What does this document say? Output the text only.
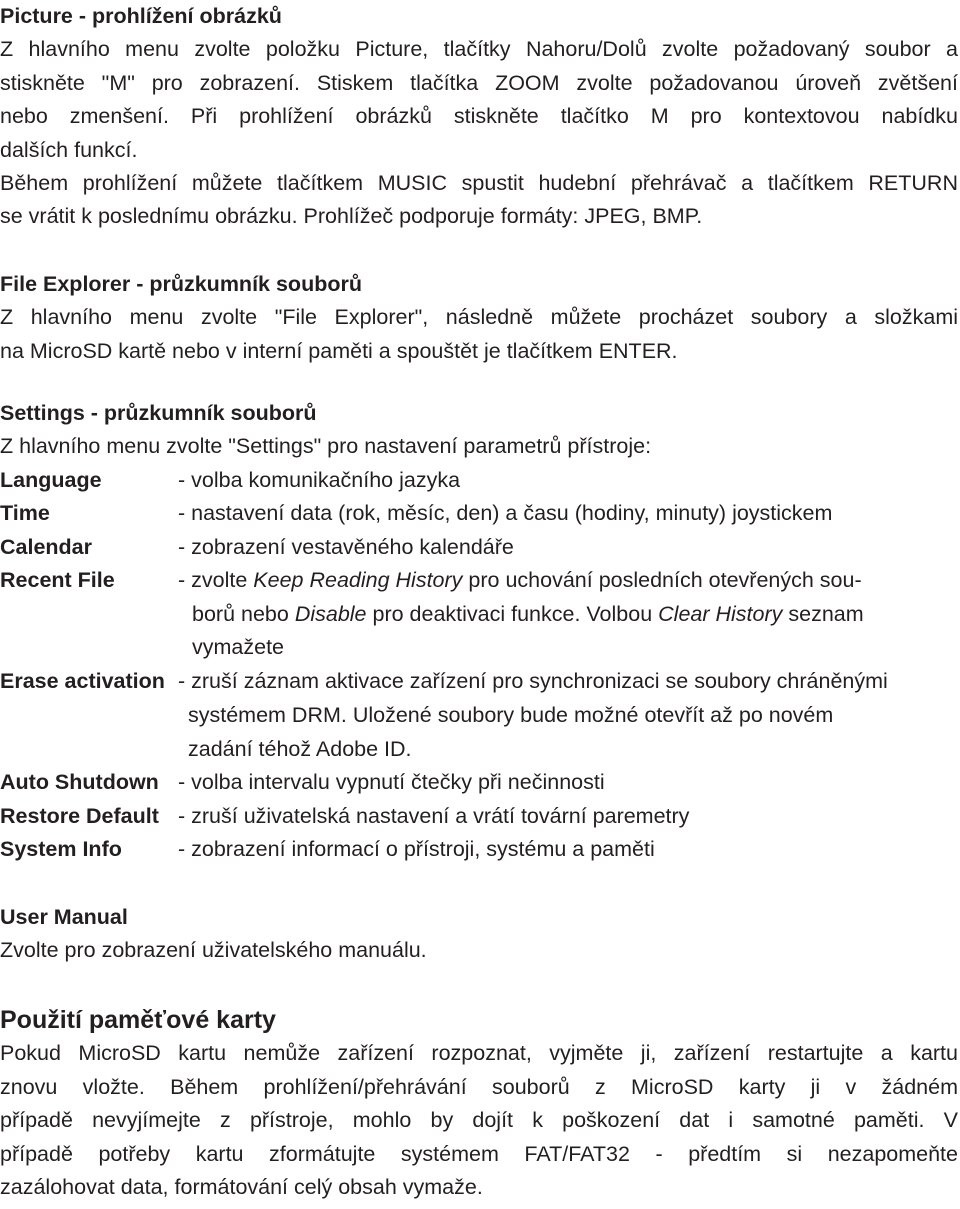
Picture - prohlížení obrázků
Z hlavního menu zvolte položku Picture, tlačítky Nahoru/Dolů zvolte požadovaný soubor a
stiskněte "M" pro zobrazení. Stiskem tlačítka ZOOM zvolte požadovanou úroveň zvětšení
nebo zmenšení. Při prohlížení obrázků stiskněte tlačítko M pro kontextovou nabídku
dalších funkcí.
Během prohlížení můžete tlačítkem MUSIC spustit hudební přehrávač a tlačítkem RETURN
se vrátit k poslednímu obrázku. Prohlížeč podporuje formáty: JPEG, BMP.
File Explorer - průzkumník souborů
Z hlavního menu zvolte "File Explorer", následně můžete procházet soubory a složkami
na MicroSD kartě nebo v interní paměti a spouštět je tlačítkem ENTER.
Settings - průzkumník souborů
Z hlavního menu zvolte "Settings" pro nastavení parametrů přístroje:
Language	- volba komunikačního jazyka
Time	- nastavení data (rok, měsíc, den) a času (hodiny, minuty) joystickem
Calendar	- zobrazení vestavěného kalendáře
Recent File	- zvolte Keep Reading History pro uchování posledních otevřených sou-
borů nebo Disable pro deaktivaci funkce. Volbou Clear History seznam
vymažete
Erase activation - zruší záznam aktivace zařízení pro synchronizaci se soubory chráněnými
systémem DRM. Uložené soubory bude možné otevřít až po novém
zadání téhož Adobe ID.
Auto Shutdown - volba intervalu vypnutí čtečky při nečinnosti
Restore Default - zruší uživatelská nastavení a vrátí tovární paremetry
System Info	- zobrazení informací o přístroji, systému a paměti
User Manual
Zvolte pro zobrazení uživatelského manuálu.
Použití paměťové karty
Pokud MicroSD kartu nemůže zařízení rozpoznat, vyjměte ji, zařízení restartujte a kartu
znovu vložte. Během prohlížení/přehrávání souborů z MicroSD karty ji v žádném
případě nevyjímejte z přístroje, mohlo by dojít k poškození dat i samotné paměti. V
případě potřeby kartu zformátujte systémem FAT/FAT32 - předtím si nezapomeňte
zazálohovat data, formátování celý obsah vymaže.
